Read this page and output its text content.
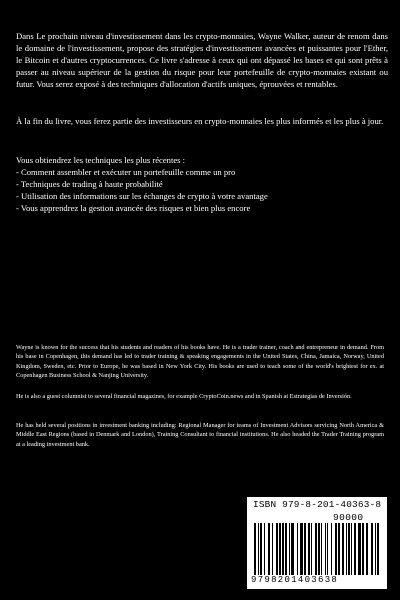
Dans Le prochain niveau d'investissement dans les crypto-monnaies, Wayne Walker, auteur de renom dans le domaine de l'investissement, propose des stratégies d'investissement avancées et puissantes pour l'Ether, le Bitcoin et d'autres cryptocurrences. Ce livre s'adresse à ceux qui ont dépassé les bases et qui sont prêts à passer au niveau supérieur de la gestion du risque pour leur portefeuille de crypto-monnaies existant ou futur. Vous serez exposé à des techniques d'allocation d'actifs uniques, éprouvées et rentables.

À la fin du livre, vous ferez partie des investisseurs en crypto-monnaies les plus informés et les plus à jour.

Vous obtiendrez les techniques les plus récentes :

- Comment assembler et exécuter un portefeuille comme un pro

- Techniques de trading à haute probabilité

- Utilisation des informations sur les échanges de crypto à votre avantage

- Vous apprendrez la gestion avancée des risques et bien plus encore

Wayne is known for the success that his students and readers of his books have. He is a trader trainer, coach and entrepreneur in demand. From his base in Copenhagen, this demand has led to trader training & speaking engagements in the United States, China, Jamaica, Norway, United Kingdom, Sweden, etc. Prior to Europe, he was based in New York City. His books are used to teach some of the world's brightest for ex. at Copenhagen Business School & Nanjing University.

He is also a guest columnist to several financial magazines, for example CryptoCoin.news and in Spanish at Estrategias de Inversión.

He has held several positions in investment banking including: Regional Manager for teams of Investment Advisors servicing North America & Middle East Regions (based in Denmark and London), Training Consultant to financial institutions. He also headed the Trader Training program at a leading investment bank.

ISBN 979-8-201-40363-8
90000
9798201403638
